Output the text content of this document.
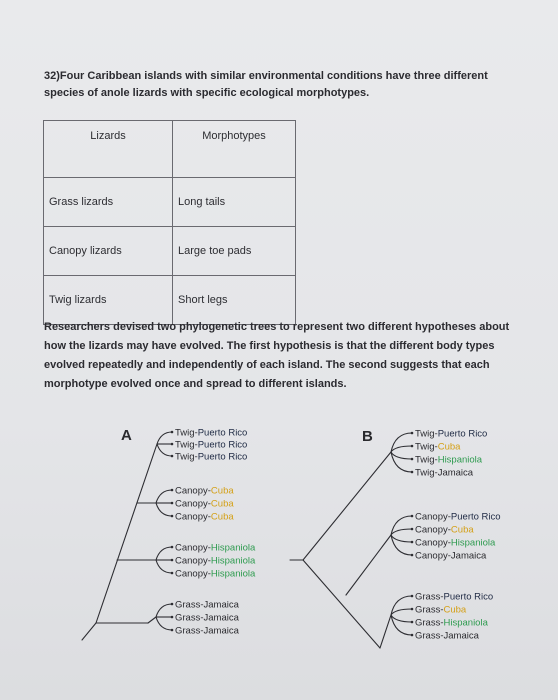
32)Four Caribbean islands with similar environmental conditions have three different
species of anole lizards with specific ecological morphotypes.
Lizards	Morphotypes
Grass lizards	Long tails
Canopy lizards	Large toe pads
Twig lizards	Short legs
Researchers devised two phylogenetic trees to represent two different hypotheses about
how the lizards may have evolved. The first hypothesis is that the different body types
evolved repeatedly and independently of each island. The second suggests that each
morphotype evolved once and spread to different islands.
A	Twig-Puerto Rico
Twig-Puerto Rico
Twig-Puerto Rico
Canopy-Cuba
Canopy-Cuba
Canopy-Cuba
Canopy-Hispaniola
Canopy-Hispaniola
Canopy-Hispaniola
Grass-Jamaica
Grass-Jamaica
Grass-Jamaica
B	Twig-Puerto Rico
Twig-Cuba
Twig-Hispaniola
Twig-Jamaica
Canopy-Puerto Rico
Canopy-Cuba
Canopy-Hispaniola
Canopy-Jamaica
Grass-Puerto Rico
Grass-Cuba
Grass-Hispaniola
Grass-Jamaica
